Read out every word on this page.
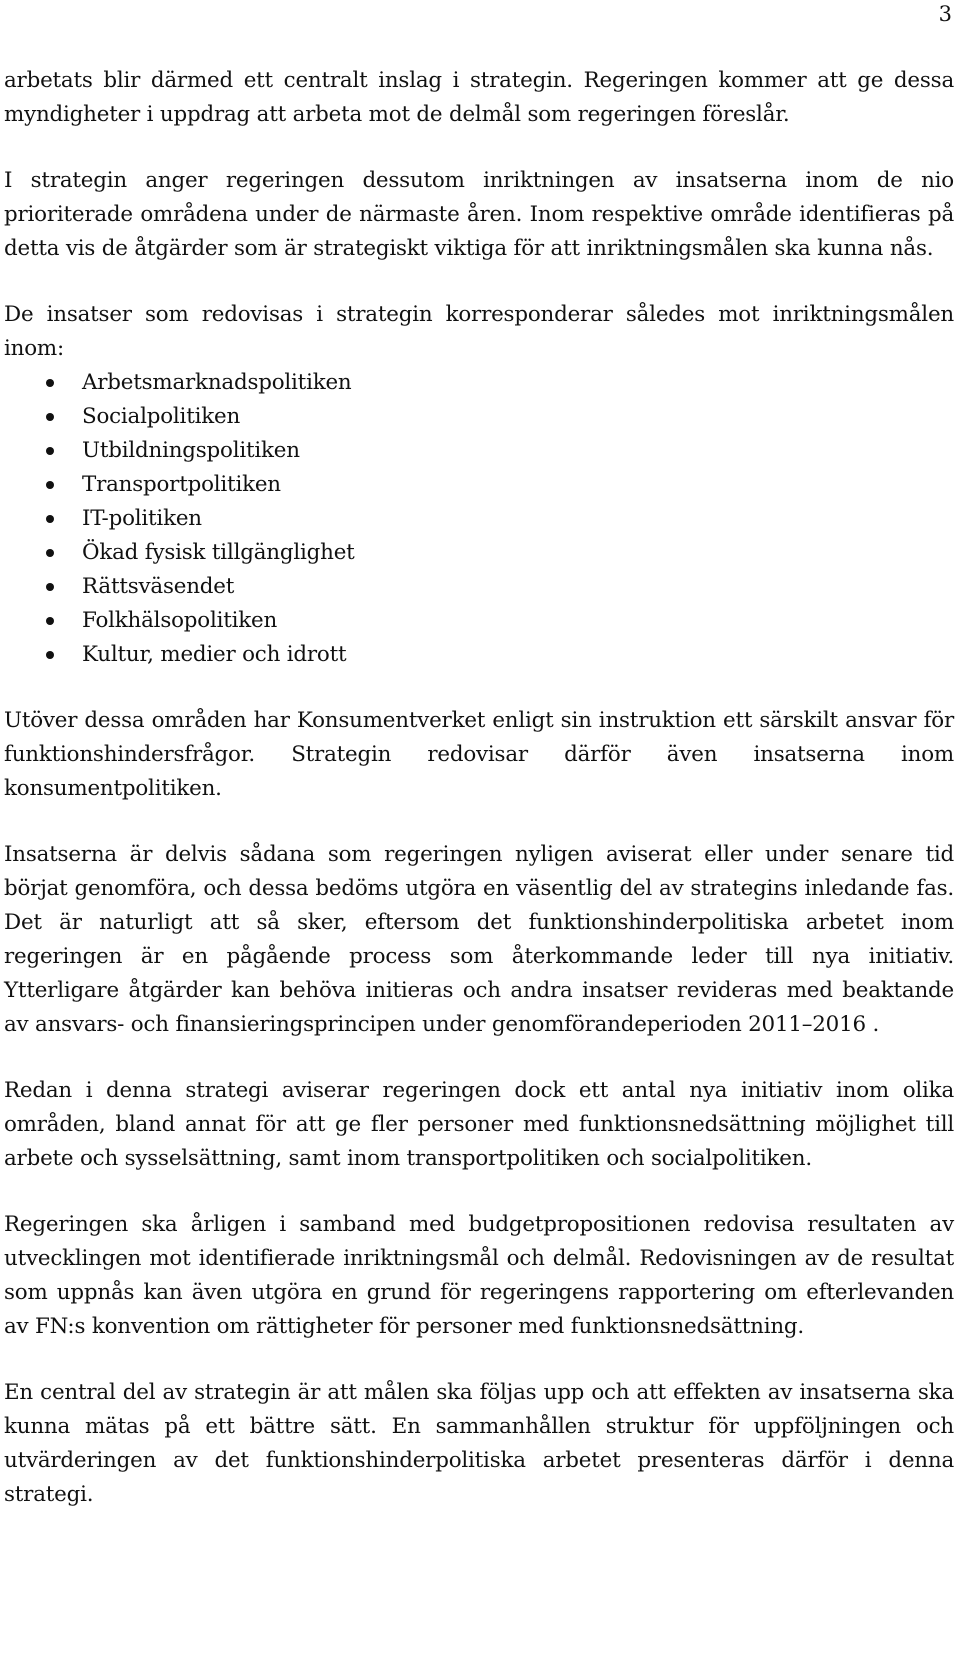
3

arbetats blir därmed ett centralt inslag i strategin. Regeringen kommer att ge dessa myndigheter i uppdrag att arbeta mot de delmål som regeringen föreslår.

I strategin anger regeringen dessutom inriktningen av insatserna inom de nio prioriterade områdena under de närmaste åren. Inom respektive område identifieras på detta vis de åtgärder som är strategiskt viktiga för att inriktningsmålen ska kunna nås.

De insatser som redovisas i strategin korresponderar således mot inriktningsmålen inom:

Arbetsmarknadspolitiken
Socialpolitiken
Utbildningspolitiken
Transportpolitiken
IT-politiken
Ökad fysisk tillgänglighet
Rättsväsendet
Folkhälsopolitiken
Kultur, medier och idrott

Utöver dessa områden har Konsumentverket enligt sin instruktion ett särskilt ansvar för funktionshindersfrågor. Strategin redovisar därför även insatserna inom konsumentpolitiken.

Insatserna är delvis sådana som regeringen nyligen aviserat eller under senare tid börjat genomföra, och dessa bedöms utgöra en väsentlig del av strategins inledande fas. Det är naturligt att så sker, eftersom det funktionshinderpolitiska arbetet inom regeringen är en pågående process som återkommande leder till nya initiativ. Ytterligare åtgärder kan behöva initieras och andra insatser revideras med beaktande av ansvars- och finansieringsprincipen under genomförandeperioden 2011–2016 .

Redan i denna strategi aviserar regeringen dock ett antal nya initiativ inom olika områden, bland annat för att ge fler personer med funktionsnedsättning möjlighet till arbete och sysselsättning, samt inom transportpolitiken och socialpolitiken.

Regeringen ska årligen i samband med budgetpropositionen redovisa resultaten av utvecklingen mot identifierade inriktningsmål och delmål. Redovisningen av de resultat som uppnås kan även utgöra en grund för regeringens rapportering om efterlevanden av FN:s konvention om rättigheter för personer med funktionsnedsättning.

En central del av strategin är att målen ska följas upp och att effekten av insatserna ska kunna mätas på ett bättre sätt. En sammanhållen struktur för uppföljningen och utvärderingen av det funktionshinderpolitiska arbetet presenteras därför i denna strategi.
